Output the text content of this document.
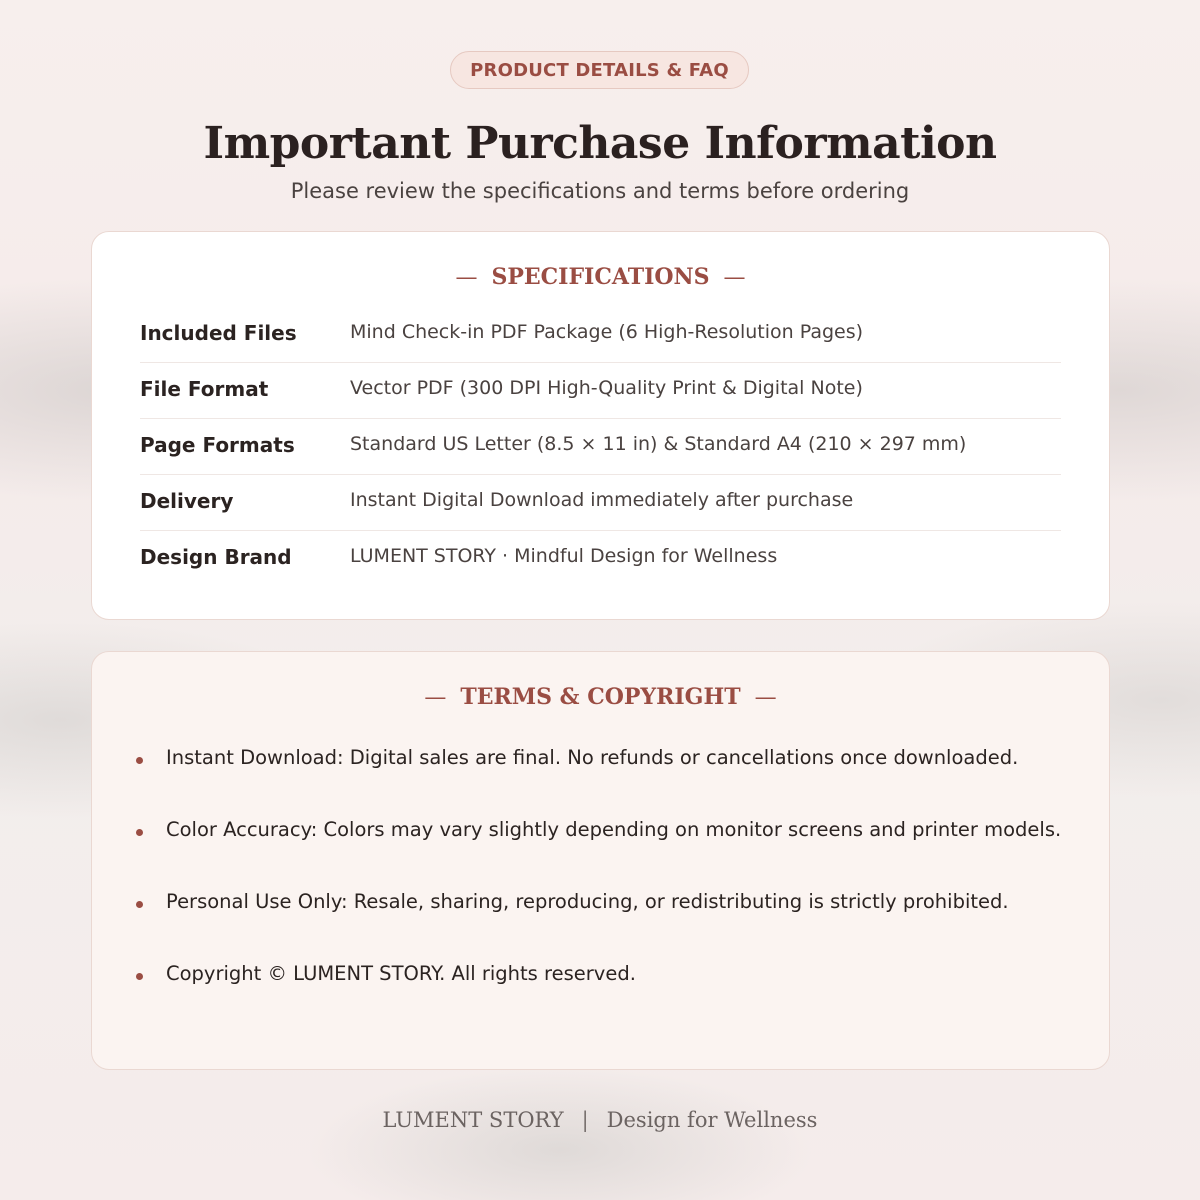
PRODUCT DETAILS & FAQ
Important Purchase Information
Please review the specifications and terms before ordering
— SPECIFICATIONS —
Included Files	Mind Check-in PDF Package (6 High-Resolution Pages)
File Format	Vector PDF (300 DPI High-Quality Print & Digital Note)
Page Formats	Standard US Letter (8.5 × 11 in) & Standard A4 (210 × 297 mm)
Delivery	Instant Digital Download immediately after purchase
Design Brand	LUMENT STORY · Mindful Design for Wellness
— TERMS & COPYRIGHT —
Instant Download: Digital sales are final. No refunds or cancellations once downloaded.
Color Accuracy: Colors may vary slightly depending on monitor screens and printer models.
Personal Use Only: Resale, sharing, reproducing, or redistributing is strictly prohibited.
Copyright © LUMENT STORY. All rights reserved.
LUMENT STORY | Design for Wellness
